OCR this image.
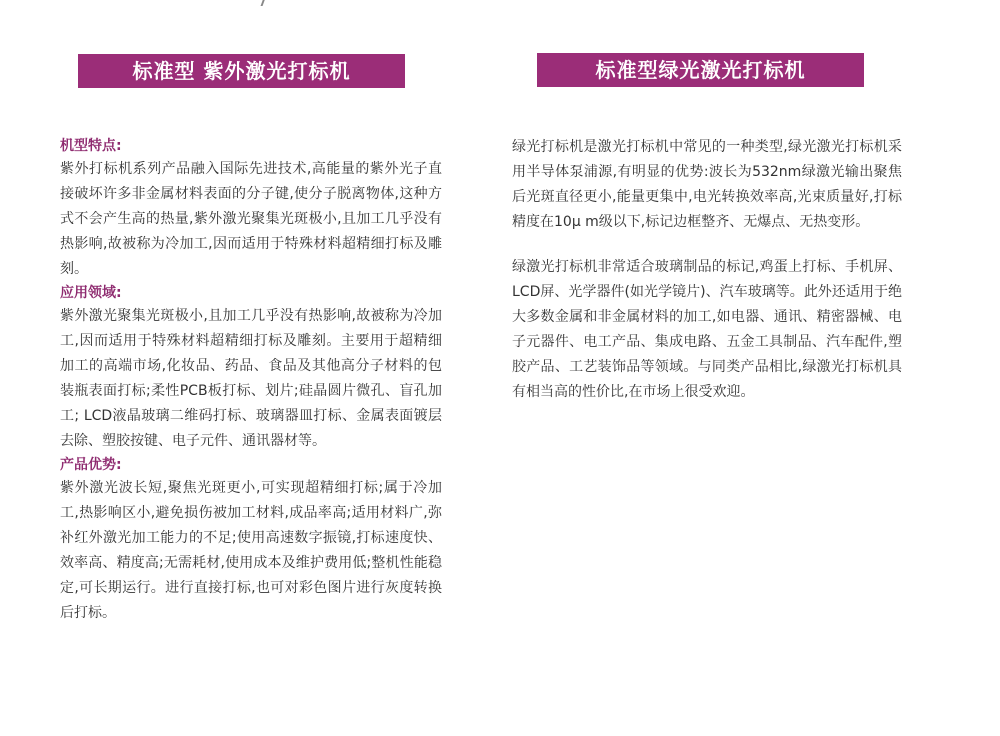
标准型 紫外激光打标机	标准型绿光激光打标机
机型特点:

紫外打标机系列产品融入国际先进技术,高能量的紫外光子直接破坏许多非金属材料表面的分子键,使分子脱离物体,这种方式不会产生高的热量,紫外激光聚集光斑极小,且加工几乎没有热影响,故被称为冷加工,因而适用于特殊材料超精细打标及雕刻。

应用领域:

紫外激光聚集光斑极小,且加工几乎没有热影响,故被称为冷加工,因而适用于特殊材料超精细打标及雕刻。主要用于超精细加工的高端市场,化妆品、药品、食品及其他高分子材料的包装瓶表面打标;柔性PCB板打标、划片;硅晶圆片微孔、盲孔加工; LCD液晶玻璃二维码打标、玻璃器皿打标、金属表面镀层去除、塑胶按键、电子元件、通讯器材等。

产品优势:

紫外激光波长短,聚焦光斑更小,可实现超精细打标;属于冷加工,热影响区小,避免损伤被加工材料,成品率高;适用材料广,弥补红外激光加工能力的不足;使用高速数字振镜,打标速度快、效率高、精度高;无需耗材,使用成本及维护费用低;整机性能稳定,可长期运行。进行直接打标,也可对彩色图片进行灰度转换后打标。

绿光打标机是激光打标机中常见的一种类型,绿光激光打标机采用半导体泵浦源,有明显的优势:波长为532nm绿激光输出聚焦后光斑直径更小,能量更集中,电光转换效率高,光束质量好,打标精度在10μ m级以下,标记边框整齐、无爆点、无热变形。

绿激光打标机非常适合玻璃制品的标记,鸡蛋上打标、手机屏、LCD屏、光学器件(如光学镜片)、汽车玻璃等。此外还适用于绝大多数金属和非金属材料的加工,如电器、通讯、精密器械、电子元器件、电工产品、集成电路、五金工具制品、汽车配件,塑胶产品、工艺装饰品等领域。与同类产品相比,绿激光打标机具有相当高的性价比,在市场上很受欢迎。
